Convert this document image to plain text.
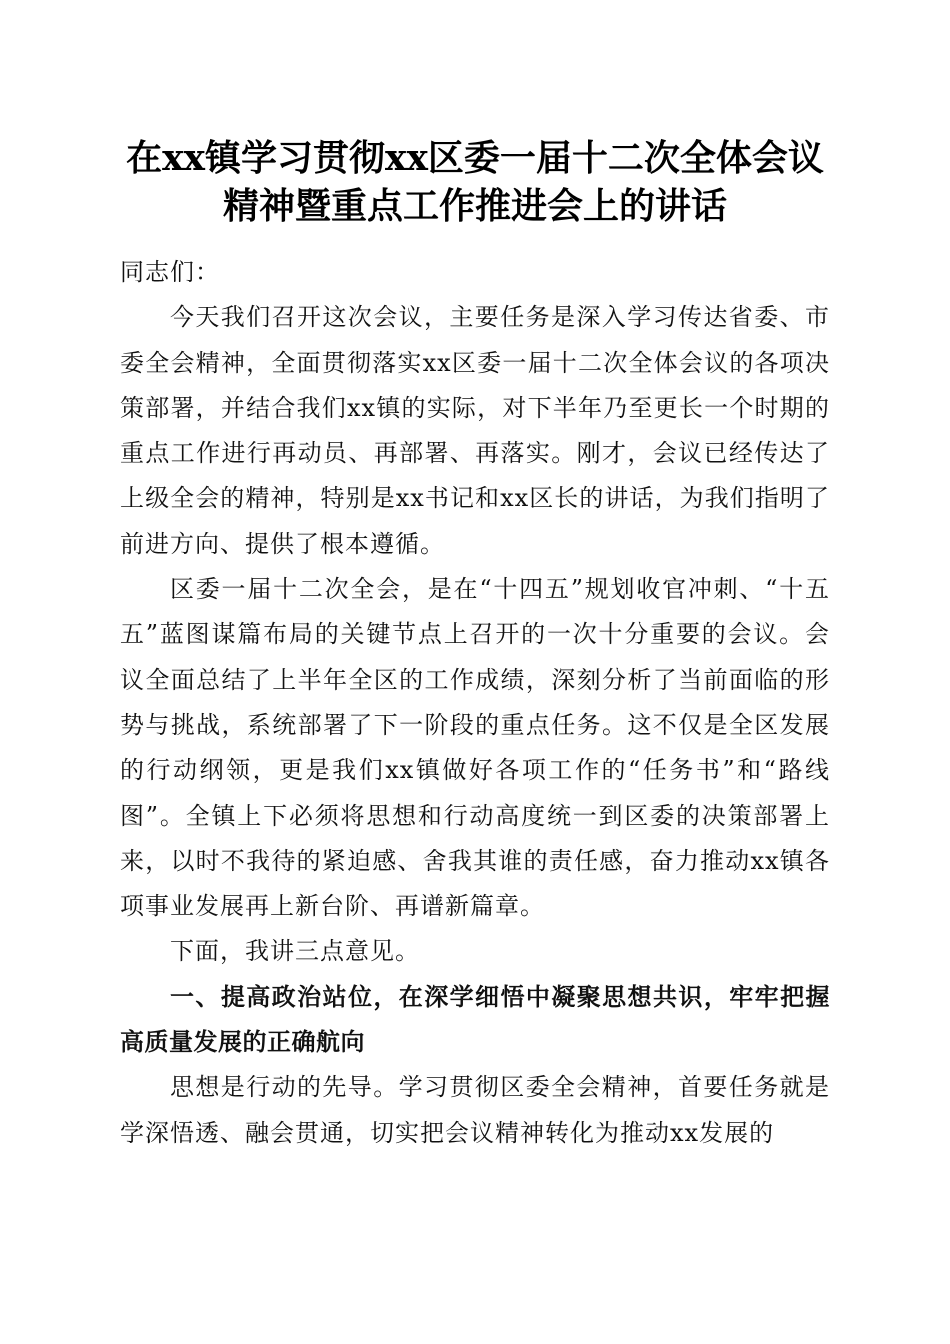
在xx镇学习贯彻xx区委一届十二次全体会议
精神暨重点工作推进会上的讲话

同志们：

今天我们召开这次会议，主要任务是深入学习传达省委、市委全会精神，全面贯彻落实xx区委一届十二次全体会议的各项决策部署，并结合我们xx镇的实际，对下半年乃至更长一个时期的重点工作进行再动员、再部署、再落实。刚才，会议已经传达了上级全会的精神，特别是xx书记和xx区长的讲话，为我们指明了前进方向、提供了根本遵循。

区委一届十二次全会，是在“十四五”规划收官冲刺、“十五五”蓝图谋篇布局的关键节点上召开的一次十分重要的会议。会议全面总结了上半年全区的工作成绩，深刻分析了当前面临的形势与挑战，系统部署了下一阶段的重点任务。这不仅是全区发展的行动纲领，更是我们xx镇做好各项工作的“任务书”和“路线图”。全镇上下必须将思想和行动高度统一到区委的决策部署上来，以时不我待的紧迫感、舍我其谁的责任感，奋力推动xx镇各项事业发展再上新台阶、再谱新篇章。

下面，我讲三点意见。

一、提高政治站位，在深学细悟中凝聚思想共识，牢牢把握高质量发展的正确航向

思想是行动的先导。学习贯彻区委全会精神，首要任务就是学深悟透、融会贯通，切实把会议精神转化为推动xx发展的
